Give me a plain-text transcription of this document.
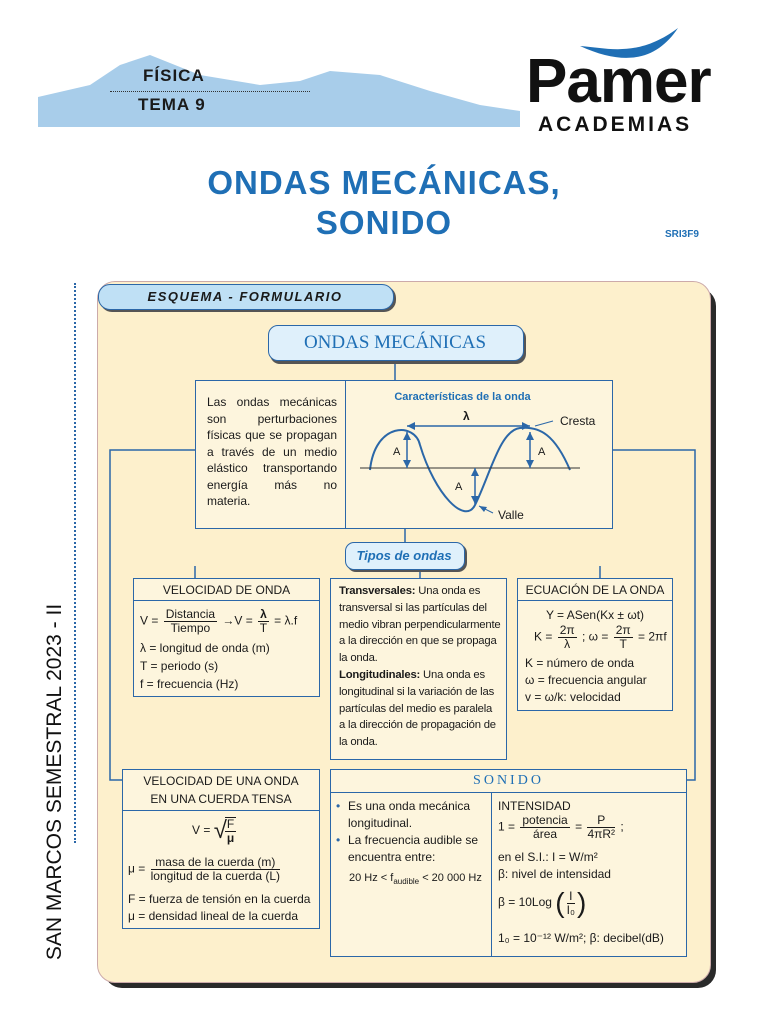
FÍSICA
TEMA 9	Pamer
ACADEMIAS
ONDAS MECÁNICAS,
SONIDO	SRI3F9
SAN MARCOS SEMESTRAL 2023 - II
ESQUEMA - FORMULARIO
ONDAS MECÁNICAS
Las ondas mecánicas son perturbaciones físicas que se propagan a través de un medio elástico transportando energía más no materia.
Características de la onda
λ	Cresta
Valle
A	A
A
Tipos de ondas
VELOCIDAD DE ONDA
$V = \frac{\text{Distancia}}{\text{Tiempo}} \to V = \frac{\lambda}{T} = \lambda.f$
λ = longitud de onda (m)
T = periodo (s)
f = frecuencia (Hz)
Transversales: Una onda es transversal si las partículas del medio vibran perpendicularmente a la dirección en que se propaga la onda.
Longitudinales: Una onda es longitudinal si la variación de las partículas del medio es paralela a la dirección de propagación de la onda.
ECUACIÓN DE LA ONDA
Y = ASen(Kx ± ωt)
$K = \frac{2\pi}{\lambda}$ ; $\omega = \frac{2\pi}{T} = 2\pi f$
K = número de onda
ω = frecuencia angular
v = ω/k: velocidad
VELOCIDAD DE UNA ONDA
EN UNA CUERDA TENSA
V = √
$\frac{F}{\mu}$
$\mu = \frac{\text{masa de la cuerda (m)}}{\text{longitud de la cuerda (L)}}$
F = fuerza de tensión en la cuerda
μ = densidad lineal de la cuerda
SONIDO
• Es una onda mecánica longitudinal.
• La frecuencia audible se encuentra entre:
20 $Hz < f_{audible} < 20$ 000 Hz
INTENSIDAD
$1 = \frac{\text{potencia}}{\text{área}} = \frac{P}{\text{4πR²}}$ ;
en el S.I.: I = W/m²
β: nivel de intensidad
β = 10Log ( $\frac{I}{\text{I₀}}$ )
1₀ = 10⁻¹² W/m²; β: decibel(dB)
